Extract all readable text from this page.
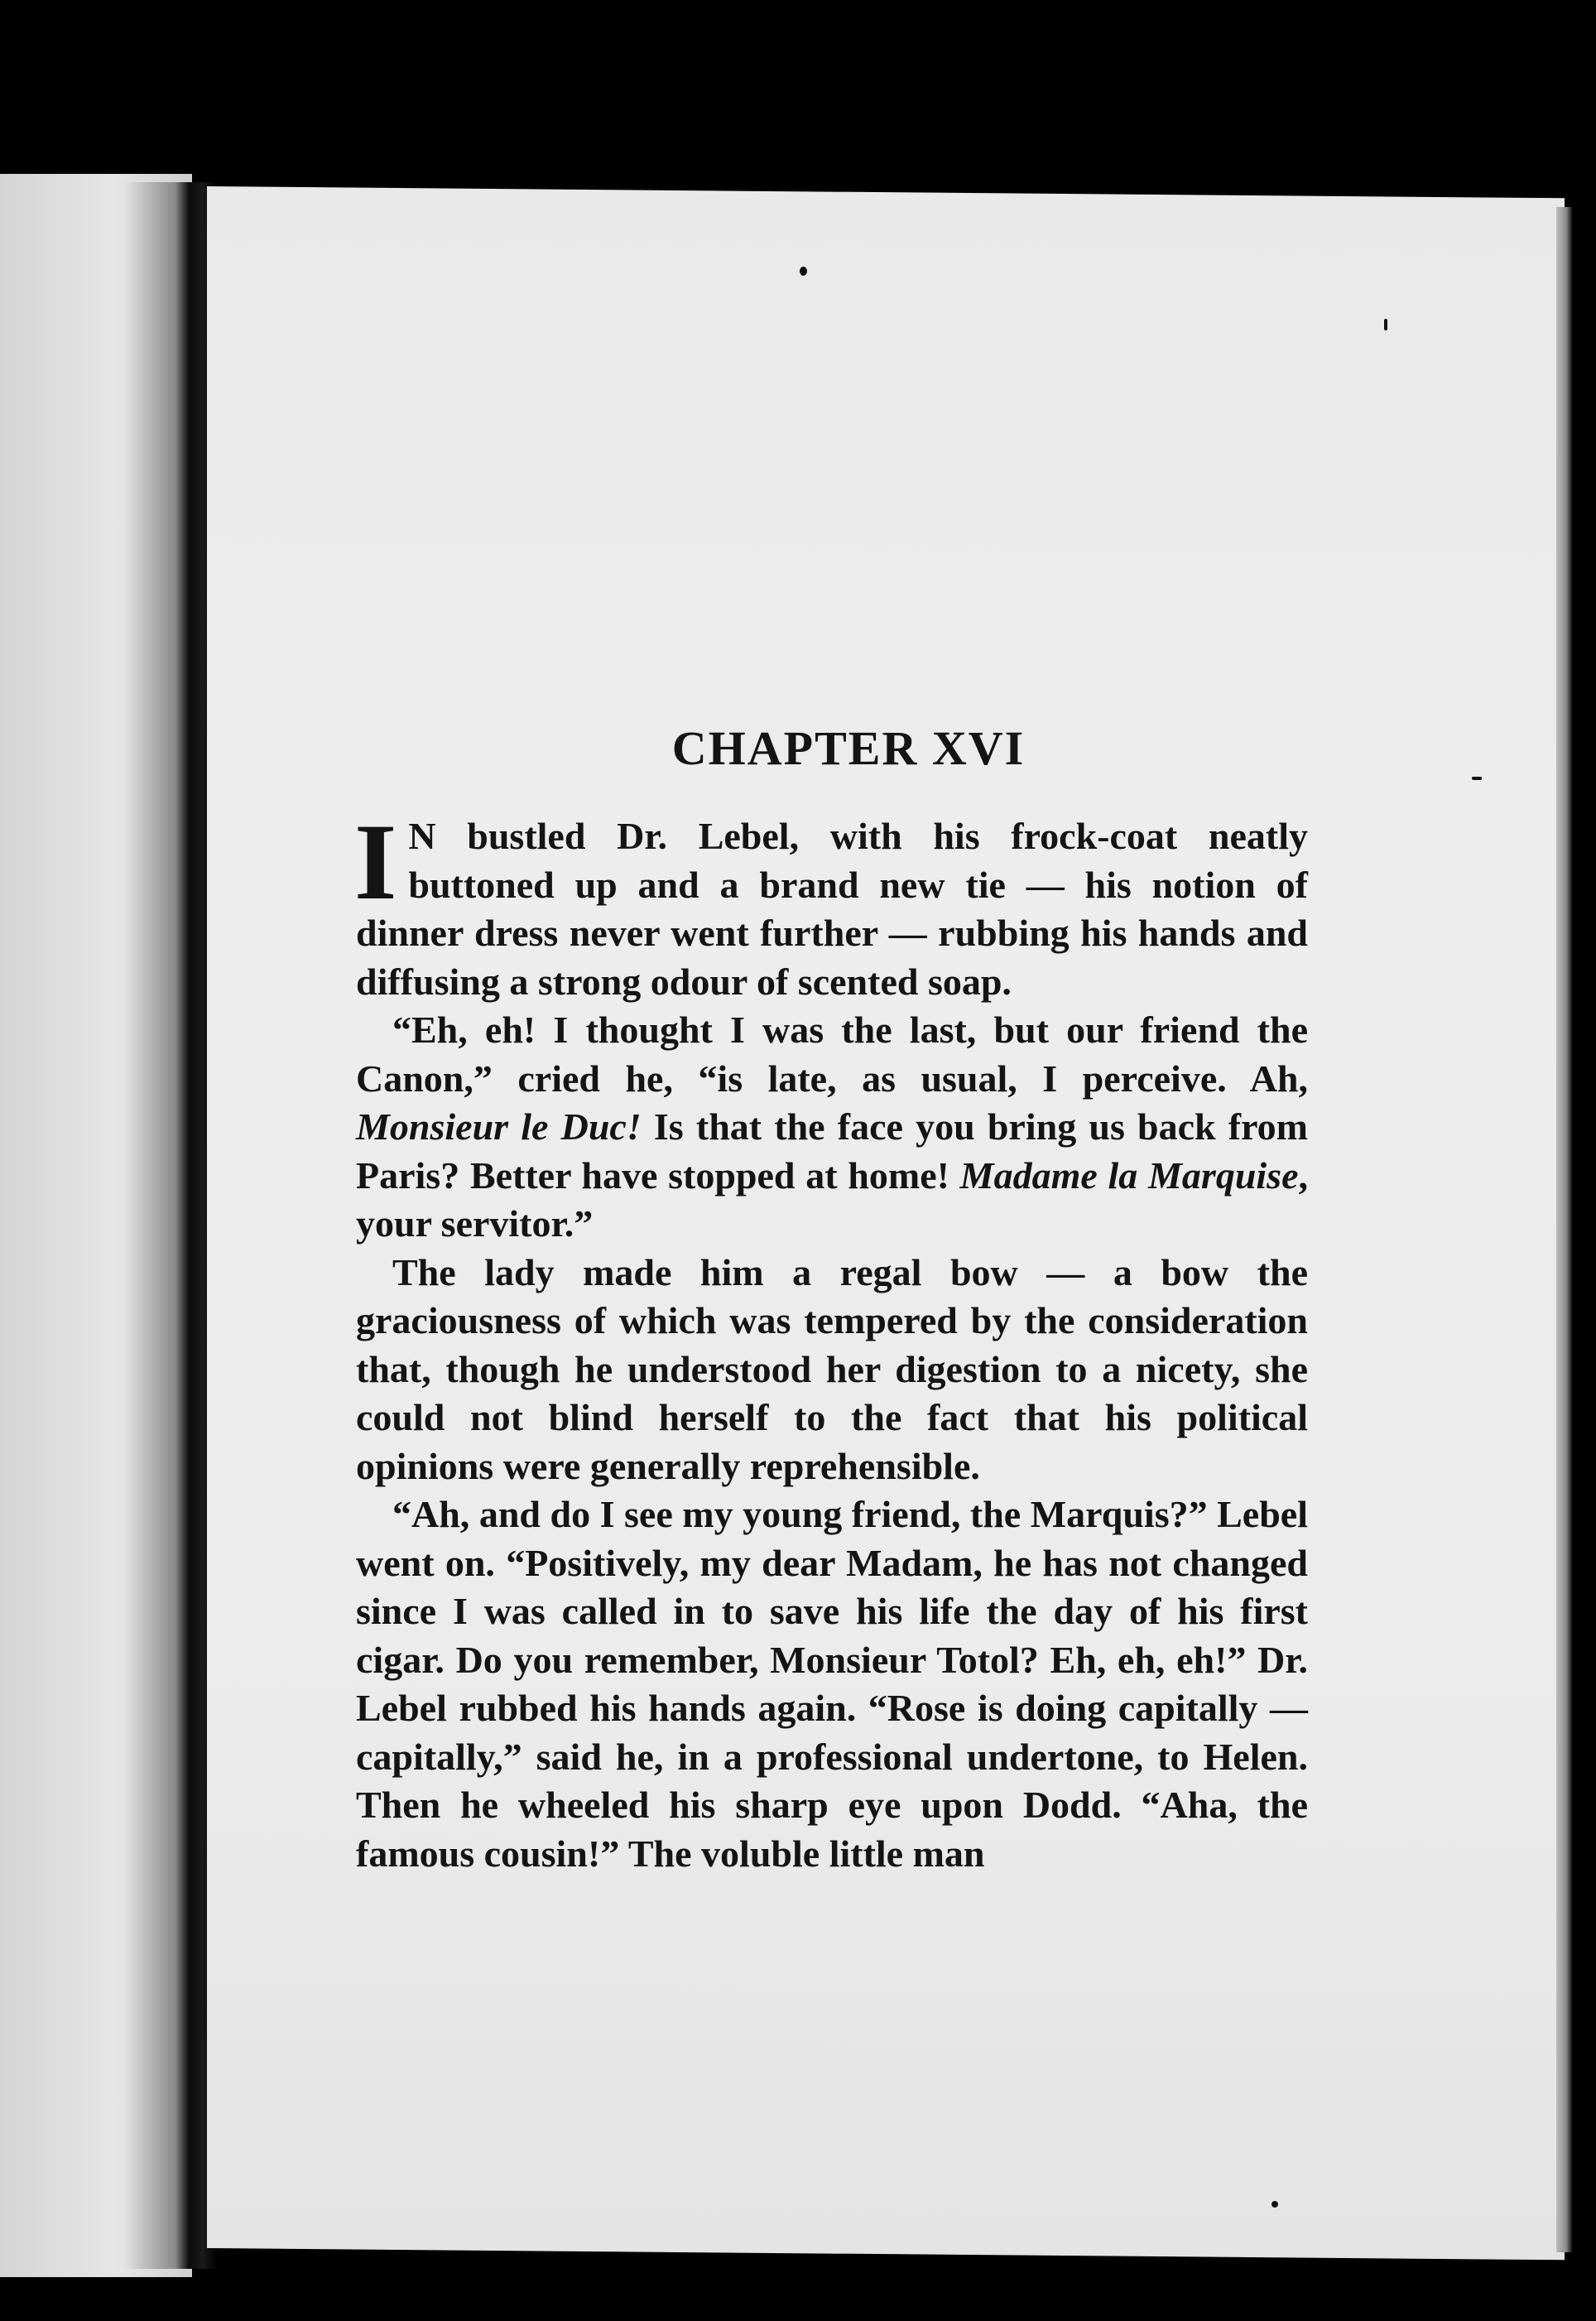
CHAPTER XVI

I N bustled Dr. Lebel, with his frock-coat neatly buttoned up and a brand new tie — his notion of dinner dress never went further — rubbing his hands and diffusing a strong odour of scented soap.

“Eh, eh! I thought I was the last, but our friend the Canon,” cried he, “is late, as usual, I perceive. Ah, Monsieur le Duc! Is that the face you bring us back from Paris? Better have stopped at home! Madame la Marquise, your servitor.”

The lady made him a regal bow — a bow the graciousness of which was tempered by the consideration that, though he understood her digestion to a nicety, she could not blind herself to the fact that his political opinions were generally reprehensible.

“Ah, and do I see my young friend, the Marquis?” Lebel went on. “Positively, my dear Madam, he has not changed since I was called in to save his life the day of his first cigar. Do you remember, Monsieur Totol? Eh, eh, eh!” Dr. Lebel rubbed his hands again. “Rose is doing capitally — capitally,” said he, in a professional undertone, to Helen. Then he wheeled his sharp eye upon Dodd. “Aha, the famous cousin!” The voluble little man
